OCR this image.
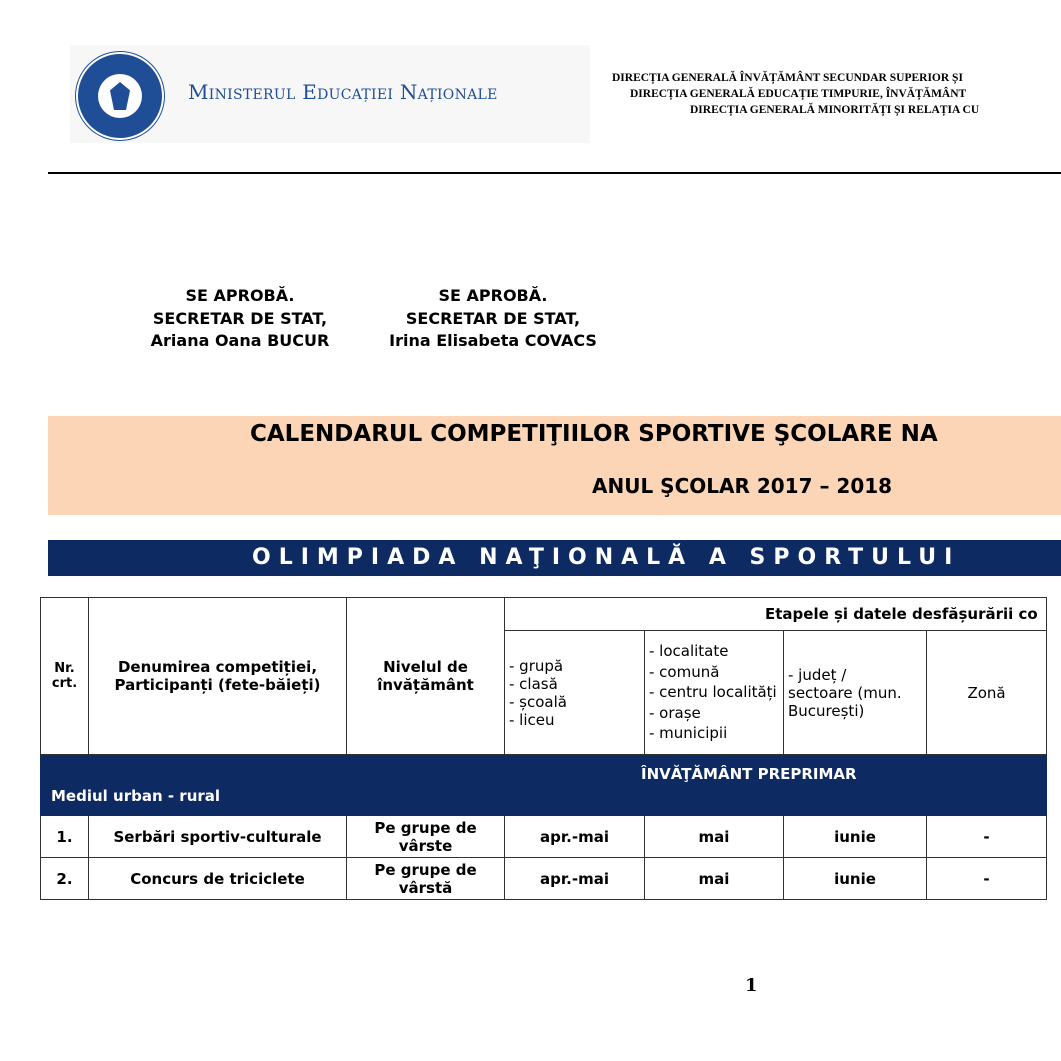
Ministerul Educației Naționale
DIRECȚIA GENERALĂ ÎNVĂȚĂMÂNT SECUNDAR SUPERIOR ȘI
DIRECȚIA GENERALĂ EDUCAȚIE TIMPURIE, ÎNVĂȚĂMÂNT
DIRECȚIA GENERALĂ MINORITĂȚI ȘI RELAȚIA CU
SE APROBĂ.
SECRETAR DE STAT,
Ariana Oana BUCUR
SE APROBĂ.
SECRETAR DE STAT,
Irina Elisabeta COVACS
CALENDARUL COMPETIŢIILOR SPORTIVE ŞCOLARE NA
ANUL ŞCOLAR 2017 – 2018
OLIMPIADA NAŢIONALĂ A SPORTULUI
Nr. crt.	Denumirea competiției, Participanți (fete-băieți)	Nivelul de învățământ	Etapele și datele desfășurării co			
			- grupă
- clasă
- școală
- liceu	- localitate
- comună
- centru localități
- orașe
- municipii	- județ /
sectoare (mun. București)	Zonă

ÎNVĂŢĂMÂNT PREPRIMAR
Mediul urban - rural						

1.	Serbări sportiv-culturale	Pe grupe de vârste	apr.-mai	mai	iunie	-
2.	Concurs de triciclete	Pe grupe de vârstă	apr.-mai	mai	iunie	-
1
